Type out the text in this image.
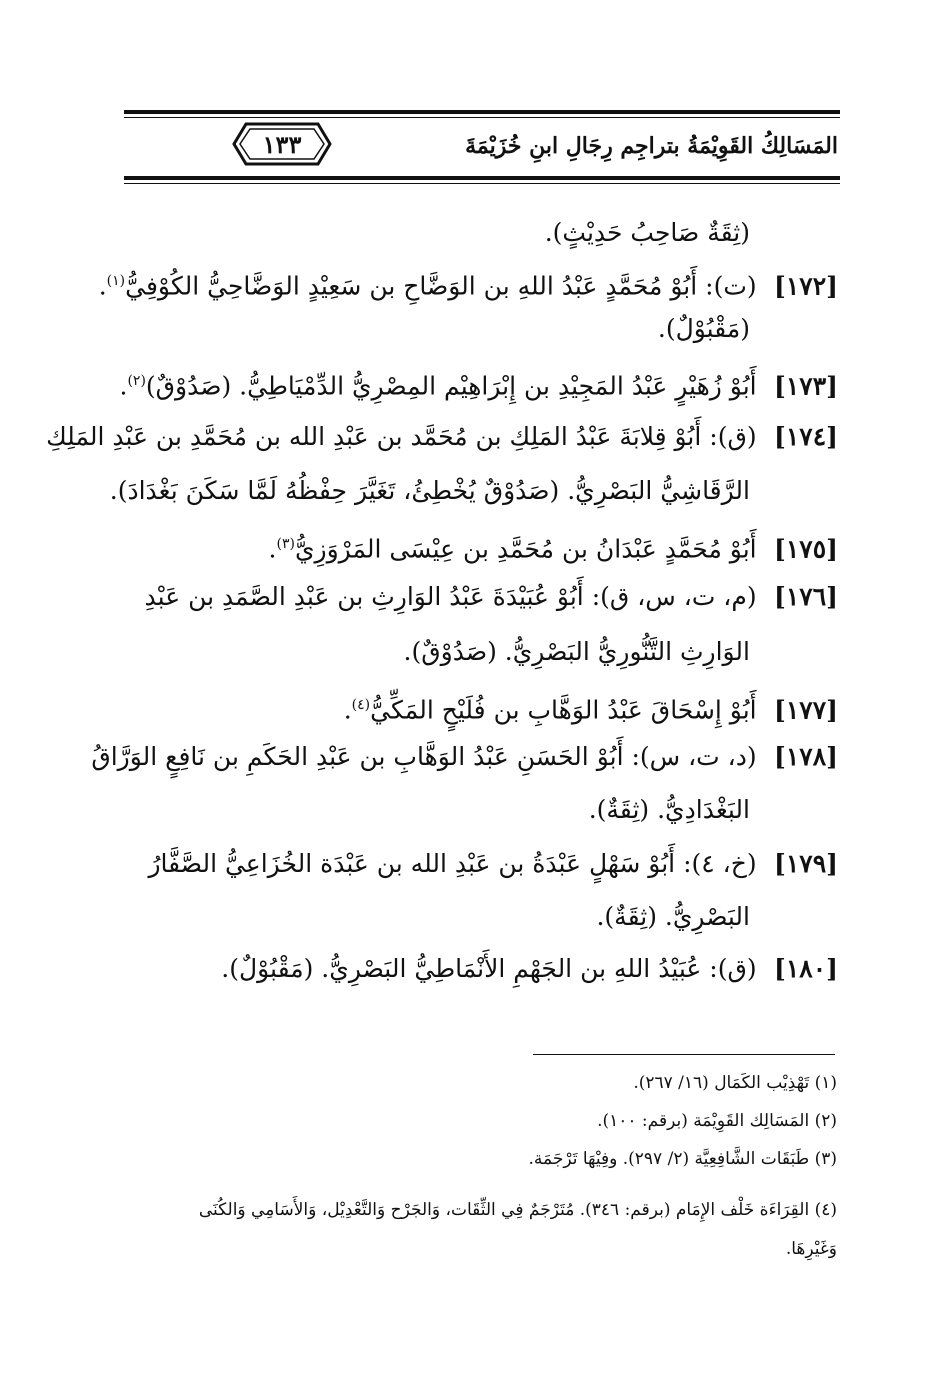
المَسَالِكُ القَوِيْمَةُ بتراجِم رِجَالِ ابنِ خُزَيْمَةَ
١٣٣
(ثِقَةٌ صَاحِبُ حَدِيْثٍ).
[١٧٢]  (ت): أَبُوْ مُحَمَّدٍ عَبْدُ اللهِ بن الوَضَّاحِ بن سَعِيْدٍ الوَضَّاحِيُّ الكُوْفِيُّ$^{(١)}$.
(مَقْبُوْلٌ).
[١٧٣]  أَبُوْ زُهَيْرٍ عَبْدُ المَجِيْدِ بن إِبْرَاهِيْم المِصْرِيُّ الدِّمْيَاطِيُّ. (صَدُوْقٌ)$^{(٢)}$.
[١٧٤]  (ق): أَبُوْ قِلابَةَ عَبْدُ المَلِكِ بن مُحَمَّد بن عَبْدِ الله بن مُحَمَّدِ بن عَبْدِ المَلِكِ
الرَّقَاشِيُّ البَصْرِيُّ. (صَدُوْقٌ يُخْطِئُ، تَغَيَّرَ حِفْظُهُ لَمَّا سَكَنَ بَغْدَادَ).
[١٧٥]  أَبُوْ مُحَمَّدٍ عَبْدَانُ بن مُحَمَّدِ بن عِيْسَى المَرْوَزِيُّ$^{(٣)}$.
[١٧٦]  (م، ت، س، ق): أَبُوْ عُبَيْدَةَ عَبْدُ الوَارِثِ بن عَبْدِ الصَّمَدِ بن عَبْدِ
الوَارِثِ التَّنُّورِيُّ البَصْرِيُّ. (صَدُوْقٌ).
[١٧٧]  أَبُوْ إِسْحَاقَ عَبْدُ الوَهَّابِ بن فُلَيْحٍ المَكِّيُّ$^{(٤)}$.
[١٧٨]  (د، ت، س): أَبُوْ الحَسَنِ عَبْدُ الوَهَّابِ بن عَبْدِ الحَكَمِ بن نَافِعٍ الوَرَّاقُ
البَغْدَادِيُّ. (ثِقَةٌ).
[١٧٩]  (خ، ٤): أَبُوْ سَهْلٍ عَبْدَةُ بن عَبْدِ الله بن عَبْدَة الخُزَاعِيُّ الصَّفَّارُ
البَصْرِيُّ. (ثِقَةٌ).
[١٨٠]  (ق): عُبَيْدُ اللهِ بن الجَهْمِ الأَنْمَاطِيُّ البَصْرِيُّ. (مَقْبُوْلٌ).
(١) تَهْذِيْب الكَمَال (١٦/ ٢٦٧).
(٢) المَسَالِك القَوِيْمَة (برقم: ١٠٠).
(٣) طَبَقَات الشَّافِعِيَّة (٢/ ٢٩٧). وفِيْهَا تَرْجَمَة.
(٤) القِرَاءَة خَلْف الإِمَام (برقم: ٣٤٦). مُتَرْجَمٌ فِي الثِّقَات، وَالجَرْح وَالتَّعْدِيْل، وَالأَسَامِي وَالكُنَى
وَغَيْرِهَا.
